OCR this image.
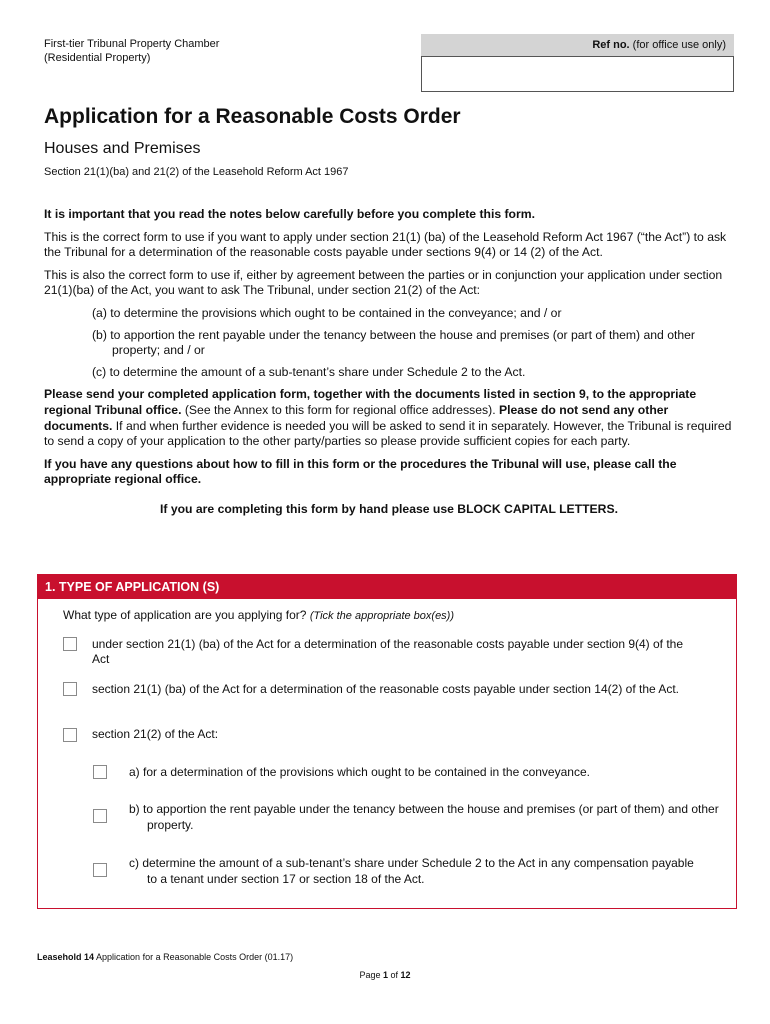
First-tier Tribunal Property Chamber
(Residential Property)
Ref no. (for office use only)
Application for a Reasonable Costs Order
Houses and Premises
Section 21(1)(ba) and 21(2) of the Leasehold Reform Act 1967

It is important that you read the notes below carefully before you complete this form.

This is the correct form to use if you want to apply under section 21(1) (ba) of the Leasehold Reform Act 1967 (“the Act”) to ask the Tribunal for a determination of the reasonable costs payable under sections 9(4) or 14 (2) of the Act.

This is also the correct form to use if, either by agreement between the parties or in conjunction your application under section 21(1)(ba) of the Act, you want to ask The Tribunal, under section 21(2) of the Act:

(a) to determine the provisions which ought to be contained in the conveyance; and / or
(b) to apportion the rent payable under the tenancy between the house and premises (or part of them) and other property; and / or
(c) to determine the amount of a sub-tenant’s share under Schedule 2 to the Act.

Please send your completed application form, together with the documents listed in section 9, to the appropriate regional Tribunal office. (See the Annex to this form for regional office addresses). Please do not send any other documents. If and when further evidence is needed you will be asked to send it in separately. However, the Tribunal is required to send a copy of your application to the other party/parties so please provide sufficient copies for each party.

If you have any questions about how to fill in this form or the procedures the Tribunal will use, please call the appropriate regional office.

If you are completing this form by hand please use BLOCK CAPITAL LETTERS.

1. TYPE OF APPLICATION (S)
What type of application are you applying for? (Tick the appropriate box(es))
under section 21(1) (ba) of the Act for a determination of the reasonable costs payable under section 9(4) of the Act
section 21(1) (ba) of the Act for a determination of the reasonable costs payable under section 14(2) of the Act.
section 21(2) of the Act:
a) for a determination of the provisions which ought to be contained in the conveyance.
b) to apportion the rent payable under the tenancy between the house and premises (or part of them) and other property.
c) determine the amount of a sub-tenant’s share under Schedule 2 to the Act in any compensation payable to a tenant under section 17 or section 18 of the Act.
Leasehold 14 Application for a Reasonable Costs Order (01.17)
Page 1 of 12
